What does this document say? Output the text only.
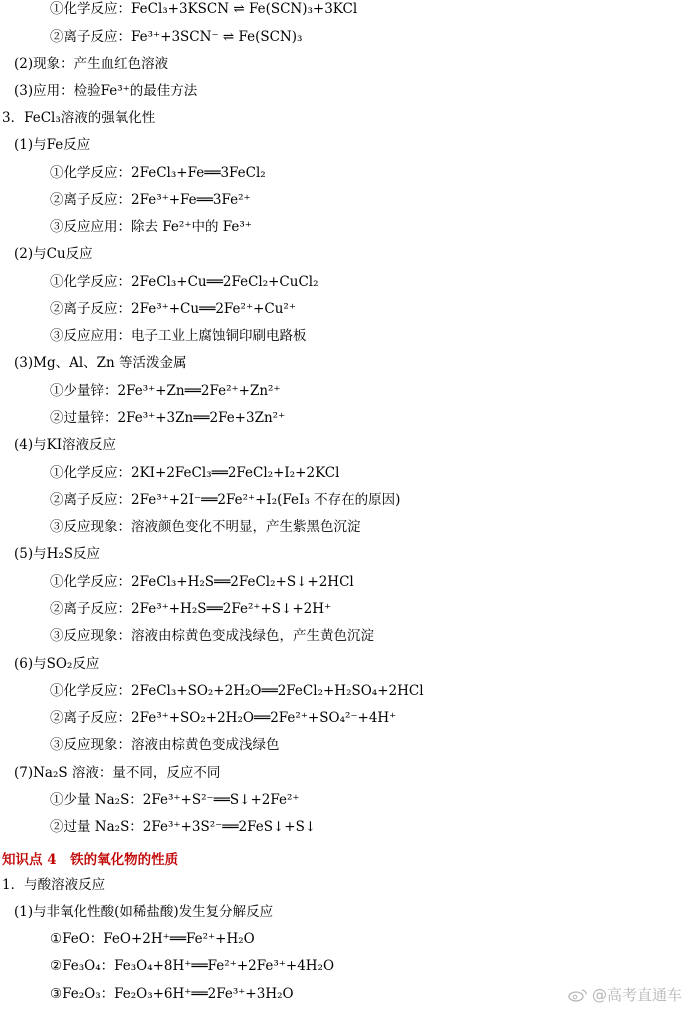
①化学反应：FeCl₃+3KSCN ⇌ Fe(SCN)₃+3KCl
②离子反应：Fe³⁺+3SCN⁻ ⇌ Fe(SCN)₃
(2)现象：产生血红色溶液
(3)应用：检验Fe³⁺的最佳方法
3．FeCl₃溶液的强氧化性
(1)与Fe反应
①化学反应：2FeCl₃+Fe══3FeCl₂
②离子反应：2Fe³⁺+Fe══3Fe²⁺
③反应应用：除去 Fe²⁺中的 Fe³⁺
(2)与Cu反应
①化学反应：2FeCl₃+Cu══2FeCl₂+CuCl₂
②离子反应：2Fe³⁺+Cu══2Fe²⁺+Cu²⁺
③反应应用：电子工业上腐蚀铜印刷电路板
(3)Mg、Al、Zn 等活泼金属
①少量锌：2Fe³⁺+Zn══2Fe²⁺+Zn²⁺
②过量锌：2Fe³⁺+3Zn══2Fe+3Zn²⁺
(4)与KI溶液反应
①化学反应：2KI+2FeCl₃══2FeCl₂+I₂+2KCl
②离子反应：2Fe³⁺+2I⁻══2Fe²⁺+I₂(FeI₃ 不存在的原因)
③反应现象：溶液颜色变化不明显，产生紫黑色沉淀
(5)与H₂S反应
①化学反应：2FeCl₃+H₂S══2FeCl₂+S↓+2HCl
②离子反应：2Fe³⁺+H₂S══2Fe²⁺+S↓+2H⁺
③反应现象：溶液由棕黄色变成浅绿色，产生黄色沉淀
(6)与SO₂反应
①化学反应：2FeCl₃+SO₂+2H₂O══2FeCl₂+H₂SO₄+2HCl
②离子反应：2Fe³⁺+SO₂+2H₂O══2Fe²⁺+SO₄²⁻+4H⁺
③反应现象：溶液由棕黄色变成浅绿色
(7)Na₂S 溶液：量不同，反应不同
①少量 Na₂S：2Fe³⁺+S²⁻══S↓+2Fe²⁺
②过量 Na₂S：2Fe³⁺+3S²⁻══2FeS↓+S↓
知识点 4　铁的氧化物的性质
1．与酸溶液反应
(1)与非氧化性酸(如稀盐酸)发生复分解反应
①FeO：FeO+2H⁺══Fe²⁺+H₂O
②Fe₃O₄：Fe₃O₄+8H⁺══Fe²⁺+2Fe³⁺+4H₂O
③Fe₂O₃：Fe₂O₃+6H⁺══2Fe³⁺+3H₂O	@高考直通车
